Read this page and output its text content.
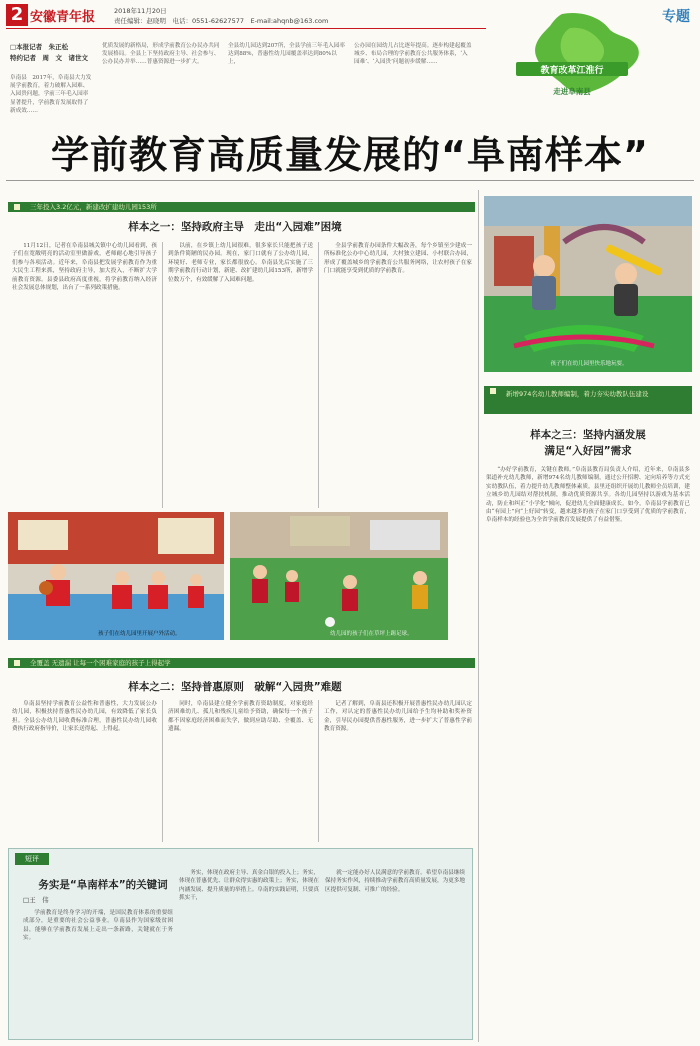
2 安徽青年报	2018年11月20日
责任编辑：赵晓明　电话：0551-62627577　E-mail:ahqnb@163.com	专题
□本报记者　朱正松
特约记者　周　文　诸世文
阜南县　2017年，阜南县大力发展学前教育，着力破解入园难、入园贵问题，学前三年毛入园率显著提升，学前教育发展取得了新成效……
优质发展的新格局，形成学前教育公办民办共同发展格局。全县上下坚持政府主导、社会参与、公办民办并举……普惠资源进一步扩大。
全县幼儿园达到207所，全县学前三年毛入园率达到88%，普惠性幼儿园覆盖率达到80%以上，
公办园在园幼儿占比逐年提高。逐步构建起覆盖城乡、布局合理的学前教育公共服务体系，‘入园难’、‘入园贵’问题初步缓解……
教育改革江淮行
走进阜南县
学前教育高质量发展的“阜南样本”
三年投入3.2亿元，新建改扩建幼儿园153所
样本之一：坚持政府主导　走出“入园难”困境

11月12日，记者在阜南县城关镇中心幼儿园看到，孩子们在宽敞明亮的活动室里做游戏，老师耐心地引导孩子们参与各项活动。近年来，阜南县把发展学前教育作为重大民生工程来抓，坚持政府主导，加大投入，不断扩大学前教育资源。县委县政府高度重视，将学前教育纳入经济社会发展总体规划，出台了一系列政策措施。

以前，在乡镇上幼儿园很难，很多家长只能把孩子送到条件简陋的民办园。现在，家门口就有了公办幼儿园，环境好、老师专业，家长都很放心。阜南县先后实施了三期学前教育行动计划，新建、改扩建幼儿园153所，新增学位数万个，有效缓解了入园难问题。

全县学前教育办园条件大幅改善，每个乡镇至少建成一所标准化公办中心幼儿园，大村独立建园、小村联合办园，形成了覆盖城乡的学前教育公共服务网络，让农村孩子在家门口就能享受到优质的学前教育。

孩子们在幼儿园里快乐地玩耍。
孩子们在幼儿园里开展户外活动。	幼儿园的孩子们在草坪上踢足球。
全覆盖 无遗漏 让每一个困难家庭的孩子上得起学
样本之二：坚持普惠原则　破解“入园贵”难题

阜南县坚持学前教育公益性和普惠性，大力发展公办幼儿园，积极扶持普惠性民办幼儿园，有效降低了家长负担。全县公办幼儿园收费标准合理，普惠性民办幼儿园收费执行政府指导价，让家长送得起、上得起。

同时，阜南县建立健全学前教育资助制度，对家庭经济困难幼儿、孤儿和残疾儿童给予资助，确保每一个孩子都不因家庭经济困难而失学，做到应助尽助、全覆盖、无遗漏。

记者了解到，阜南县还积极开展普惠性民办幼儿园认定工作，对认定的普惠性民办幼儿园给予生均补助和奖补资金，引导民办园提供普惠性服务，进一步扩大了普惠性学前教育资源。

新增974名幼儿教师编制，着力夯实幼教队伍建设
样本之三：坚持内涵发展
满足“入好园”需求

“办好学前教育，关键在教师。”阜南县教育局负责人介绍，近年来，阜南县多渠道补充幼儿教师，新增974名幼儿教师编制，通过公开招聘、定向培养等方式充实幼教队伍，着力提升幼儿教师整体素质。县里还组织开展幼儿教师全员培训，建立城乡幼儿园结对帮扶机制，推动优质资源共享。各幼儿园坚持以游戏为基本活动，防止和纠正“小学化”倾向，促进幼儿全面健康成长。如今，阜南县学前教育已由“有园上”向“上好园”转变，越来越多的孩子在家门口享受到了优质的学前教育，阜南样本的经验也为全省学前教育发展提供了有益借鉴。

短评
务实是“阜南样本”的关键词
□王　伟

学前教育是终身学习的开端，是国民教育体系的重要组成部分，是重要的社会公益事业。阜南县作为国家级贫困县，能够在学前教育发展上走出一条新路，关键就在于务实。

务实，体现在政府主导、真金白银的投入上；务实，体现在普惠优先、让群众得实惠的政策上；务实，体现在内涵发展、提升质量的举措上。阜南的实践证明，只要真抓实干，

就一定能办好人民满意的学前教育。希望阜南县继续保持务实作风，持续推动学前教育高质量发展，为更多地区提供可复制、可推广的经验。
